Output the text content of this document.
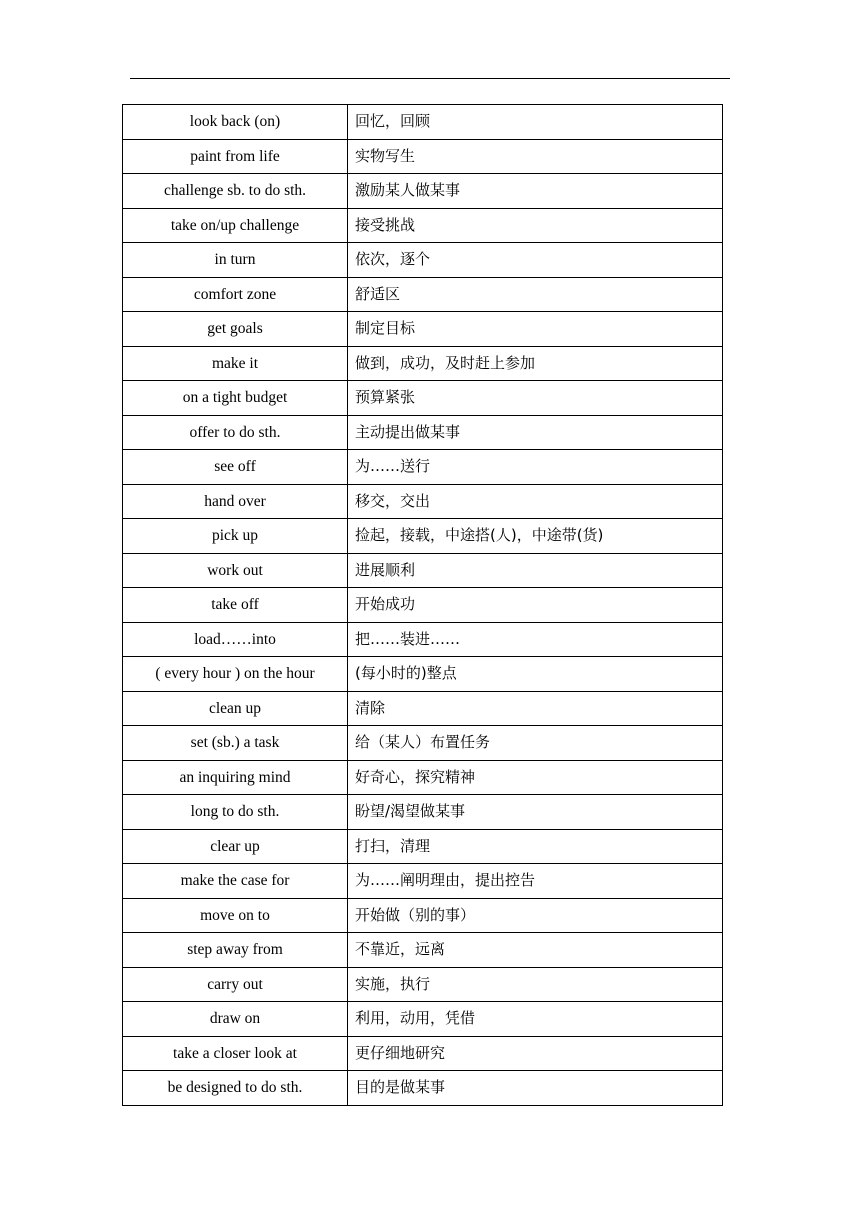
look back (on)	回忆，回顾
paint from life	实物写生
challenge sb. to do sth.	激励某人做某事
take on/up challenge	接受挑战
in turn	依次，逐个
comfort zone	舒适区
get goals	制定目标
make it	做到，成功，及时赶上参加
on a tight budget	预算紧张
offer to do sth.	主动提出做某事
see off	为……送行
hand over	移交，交出
pick up	捡起，接载，中途搭(人)，中途带(货)
work out	进展顺利
take off	开始成功
load……into	把……装进……
( every hour ) on the hour	(每小时的)整点
clean up	清除
set (sb.) a task	给（某人）布置任务
an inquiring mind	好奇心，探究精神
long to do sth.	盼望/渴望做某事
clear up	打扫，清理
make the case for	为……阐明理由，提出控告
move on to	开始做（别的事）
step away from	不靠近，远离
carry out	实施，执行
draw on	利用，动用，凭借
take a closer look at	更仔细地研究
be designed to do sth.	目的是做某事
